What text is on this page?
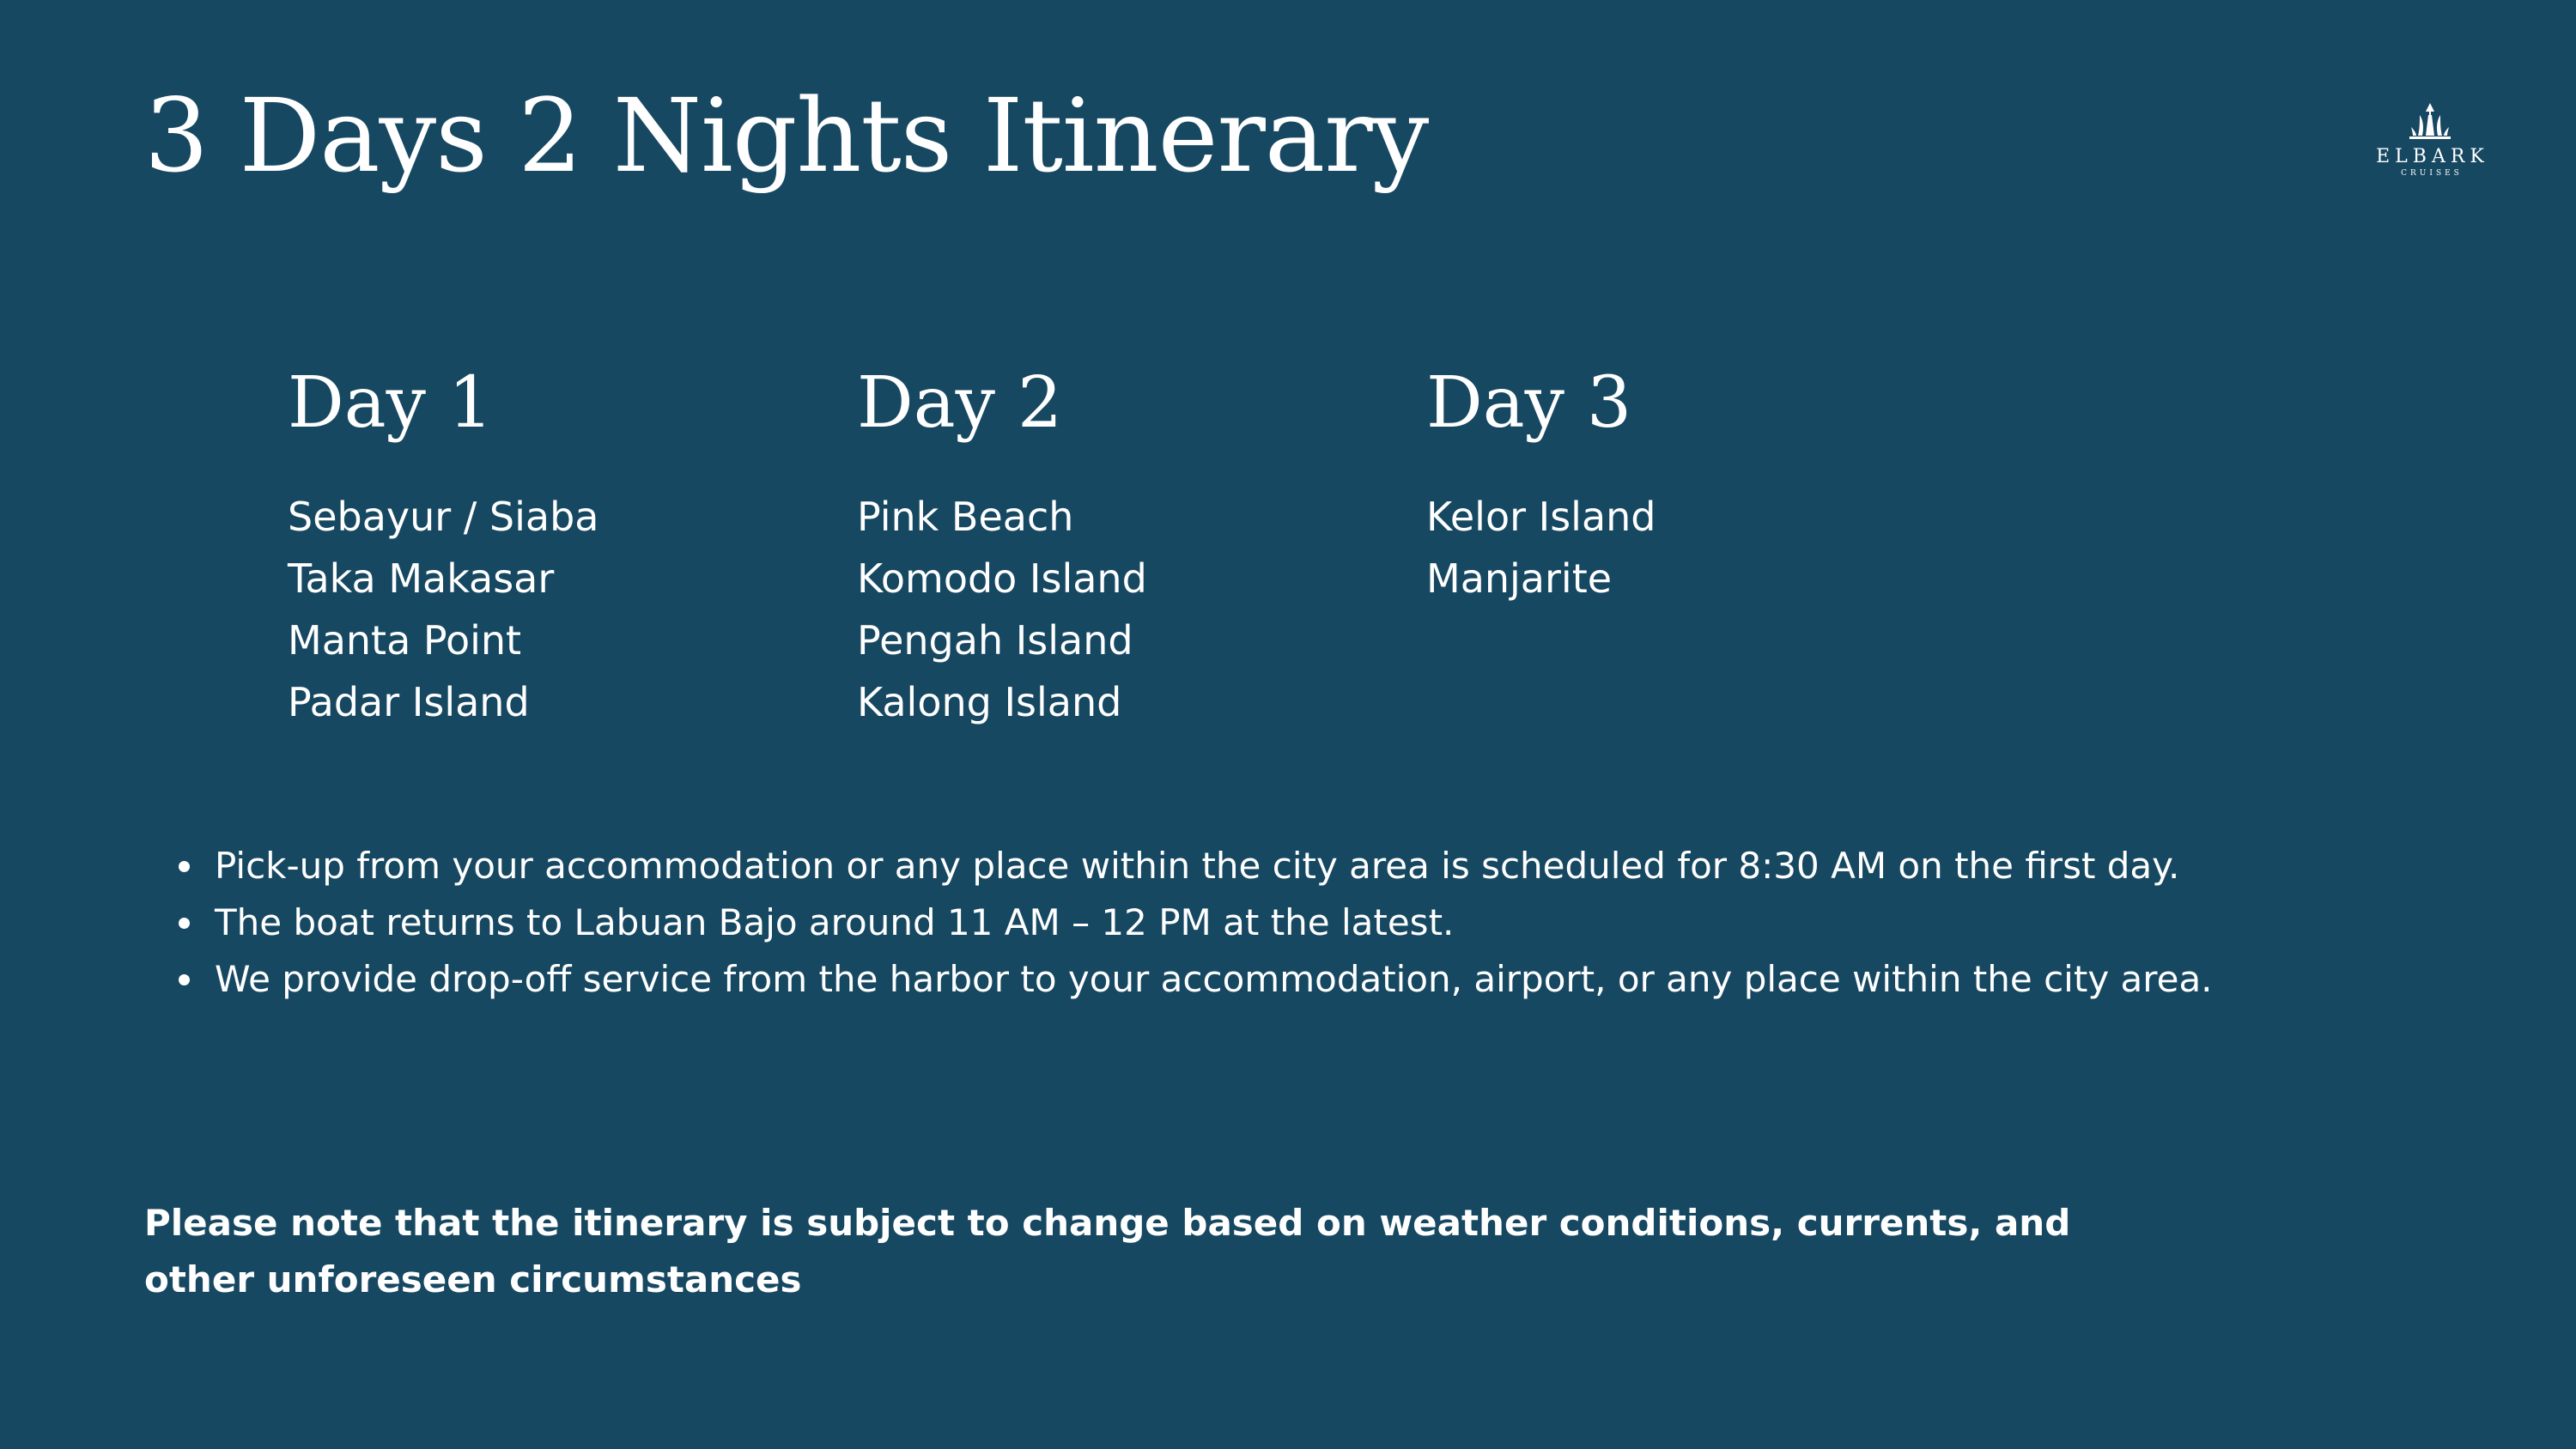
3 Days 2 Nights Itinerary	ELBARK
CRUISES
Day 1
Sebayur / Siaba
Taka Makasar
Manta Point
Padar Island
Day 2
Pink Beach
Komodo Island
Pengah Island
Kalong Island
Day 3
Kelor Island
Manjarite
Pick-up from your accommodation or any place within the city area is scheduled for 8:30 AM on the first day.
The boat returns to Labuan Bajo around 11 AM – 12 PM at the latest.
We provide drop-off service from the harbor to your accommodation, airport, or any place within the city area.

Please note that the itinerary is subject to change based on weather conditions, currents, and other unforeseen circumstances
